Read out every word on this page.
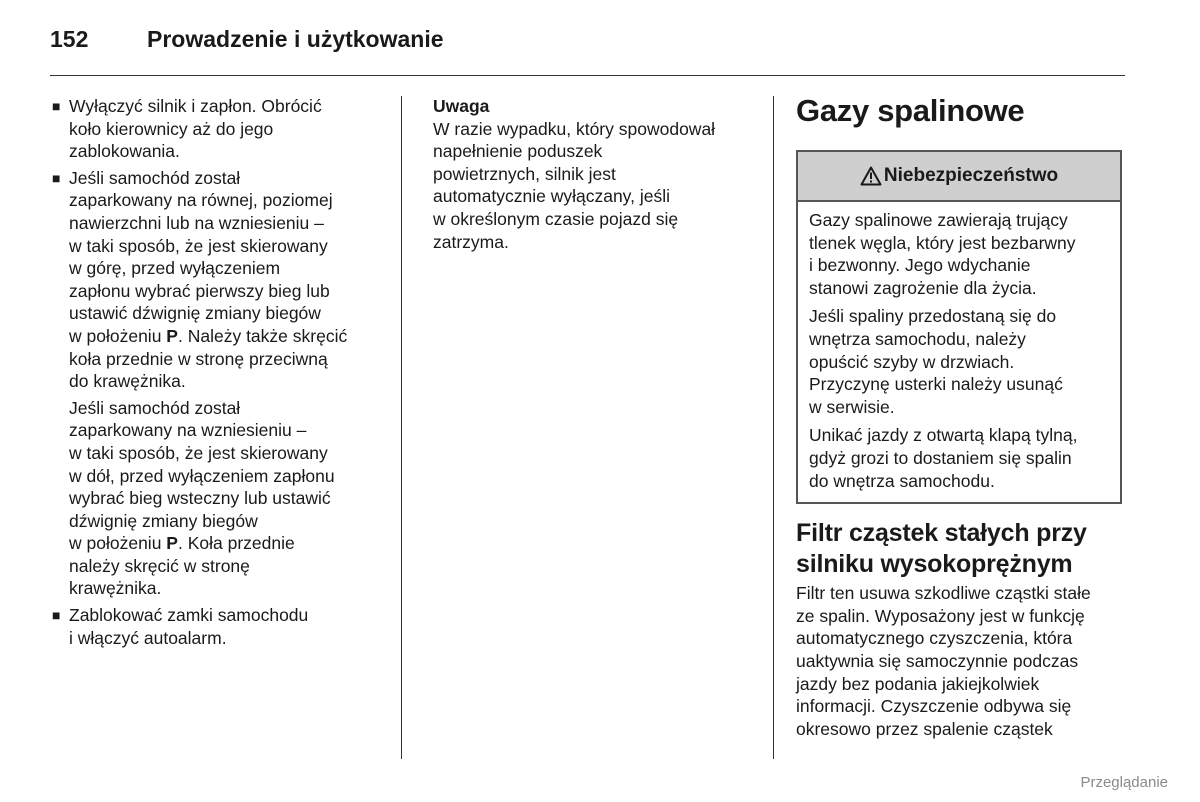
152	Prowadzenie i użytkowanie
■ Wyłączyć silnik i zapłon. Obrócić
koło kierownicy aż do jego
zablokowania.
■ Jeśli samochód został
zaparkowany na równej, poziomej
nawierzchni lub na wzniesieniu –
w taki sposób, że jest skierowany
w górę, przed wyłączeniem
zapłonu wybrać pierwszy bieg lub
ustawić dźwignię zmiany biegów
w położeniu P. Należy także skręcić
koła przednie w stronę przeciwną
do krawężnika.
Jeśli samochód został
zaparkowany na wzniesieniu –
w taki sposób, że jest skierowany
w dół, przed wyłączeniem zapłonu
wybrać bieg wsteczny lub ustawić
dźwignię zmiany biegów
w położeniu P. Koła przednie
należy skręcić w stronę
krawężnika.
■ Zablokować zamki samochodu
i włączyć autoalarm.
Uwaga
W razie wypadku, który spowodował
napełnienie poduszek
powietrznych, silnik jest
automatycznie wyłączany, jeśli
w określonym czasie pojazd się
zatrzyma.
Gazy spalinowe
Niebezpieczeństwo

Gazy spalinowe zawierają trujący
tlenek węgla, który jest bezbarwny
i bezwonny. Jego wdychanie
stanowi zagrożenie dla życia.

Jeśli spaliny przedostaną się do
wnętrza samochodu, należy
opuścić szyby w drzwiach.
Przyczynę usterki należy usunąć
w serwisie.

Unikać jazdy z otwartą klapą tylną,
gdyż grozi to dostaniem się spalin
do wnętrza samochodu.

Filtr cząstek stałych przy
silniku wysokoprężnym
Filtr ten usuwa szkodliwe cząstki stałe
ze spalin. Wyposażony jest w funkcję
automatycznego czyszczenia, która
uaktywnia się samoczynnie podczas
jazdy bez podania jakiejkolwiek
informacji. Czyszczenie odbywa się
okresowo przez spalenie cząstek
Przeglądanie
